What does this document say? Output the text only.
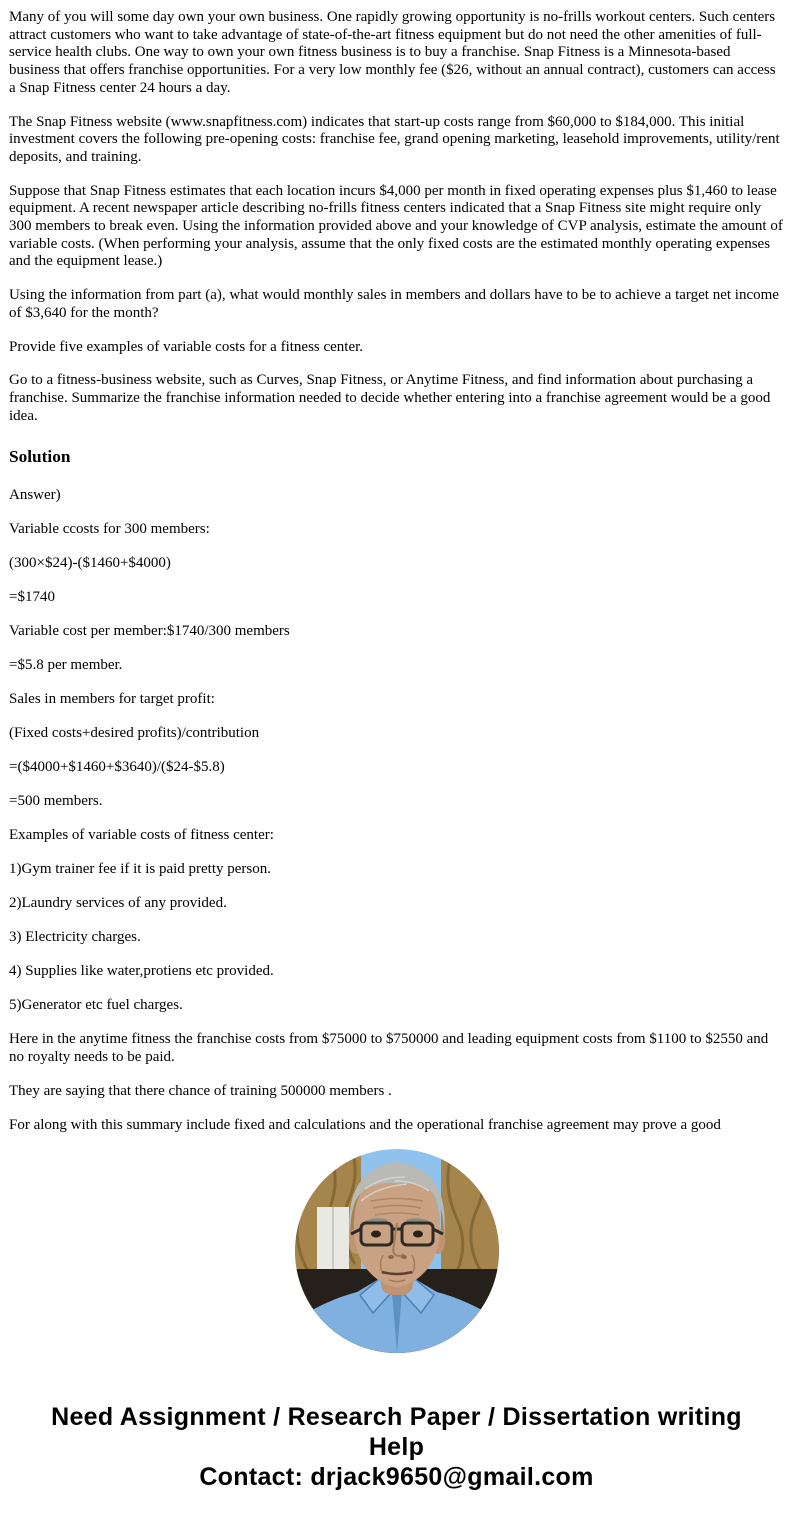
Many of you will some day own your own business. One rapidly growing opportunity is no-frills workout centers. Such centers attract customers who want to take advantage of state-of-the-art fitness equipment but do not need the other amenities of full-service health clubs. One way to own your own fitness business is to buy a franchise. Snap Fitness is a Minnesota-based business that offers franchise opportunities. For a very low monthly fee ($26, without an annual contract), customers can access a Snap Fitness center 24 hours a day.

The Snap Fitness website (www.snapfitness.com) indicates that start-up costs range from $60,000 to $184,000. This initial investment covers the following pre-opening costs: franchise fee, grand opening marketing, leasehold improvements, utility/rent deposits, and training.

Suppose that Snap Fitness estimates that each location incurs $4,000 per month in fixed operating expenses plus $1,460 to lease equipment. A recent newspaper article describing no-frills fitness centers indicated that a Snap Fitness site might require only 300 members to break even. Using the information provided above and your knowledge of CVP analysis, estimate the amount of variable costs. (When performing your analysis, assume that the only fixed costs are the estimated monthly operating expenses and the equipment lease.)

Using the information from part (a), what would monthly sales in members and dollars have to be to achieve a target net income of $3,640 for the month?

Provide five examples of variable costs for a fitness center.

Go to a fitness-business website, such as Curves, Snap Fitness, or Anytime Fitness, and find information about purchasing a franchise. Summarize the franchise information needed to decide whether entering into a franchise agreement would be a good idea.

Solution

Answer)

Variable ccosts for 300 members:

(300×$24)-($1460+$4000)

=$1740

Variable cost per member:$1740/300 members

=$5.8 per member.

Sales in members for target profit:

(Fixed costs+desired profits)/contribution

=($4000+$1460+$3640)/($24-$5.8)

=500 members.

Examples of variable costs of fitness center:

1)Gym trainer fee if it is paid pretty person.

2)Laundry services of any provided.

3) Electricity charges.

4) Supplies like water,protiens etc provided.

5)Generator etc fuel charges.

Here in the anytime fitness the franchise costs from $75000 to $750000 and leading equipment costs from $1100 to $2550 and no royalty needs to be paid.

They are saying that there chance of training 500000 members .

For along with this summary include fixed and calculations and the operational franchise agreement may prove a good

Need Assignment / Research Paper / Dissertation writing Help
Contact: drjack9650@gmail.com
